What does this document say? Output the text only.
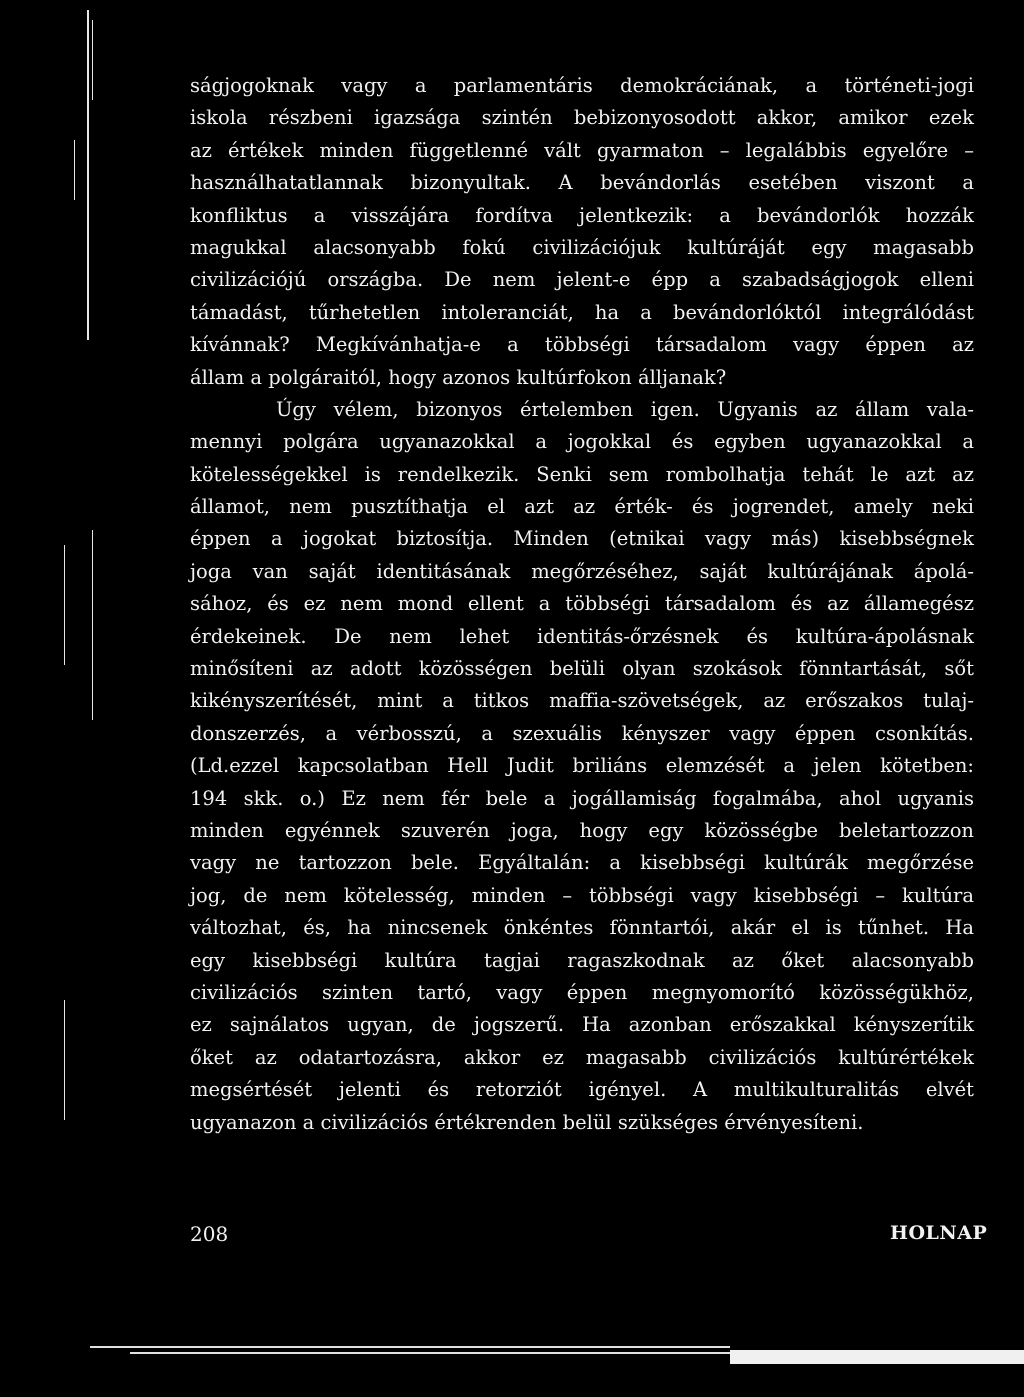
ságjogoknak vagy a parlamentáris demokráciának, a történeti-jogi
iskola részbeni igazsága szintén bebizonyosodott akkor, amikor ezek
az értékek minden függetlenné vált gyarmaton – legalábbis egyelőre –
használhatatlannak bizonyultak. A bevándorlás esetében viszont a
konfliktus a visszájára fordítva jelentkezik: a bevándorlók hozzák
magukkal alacsonyabb fokú civilizációjuk kultúráját egy magasabb
civilizációjú országba. De nem jelent-e épp a szabadságjogok elleni
támadást, tűrhetetlen intoleranciát, ha a bevándorlóktól integrálódást
kívánnak? Megkívánhatja-e a többségi társadalom vagy éppen az
állam a polgáraitól, hogy azonos kultúrfokon álljanak?
Úgy vélem, bizonyos értelemben igen. Ugyanis az állam vala-
mennyi polgára ugyanazokkal a jogokkal és egyben ugyanazokkal a
kötelességekkel is rendelkezik. Senki sem rombolhatja tehát le azt az
államot, nem pusztíthatja el azt az érték- és jogrendet, amely neki
éppen a jogokat biztosítja. Minden (etnikai vagy más) kisebbségnek
joga van saját identitásának megőrzéséhez, saját kultúrájának ápolá-
sához, és ez nem mond ellent a többségi társadalom és az államegész
érdekeinek. De nem lehet identitás-őrzésnek és kultúra-ápolásnak
minősíteni az adott közösségen belüli olyan szokások fönntartását, sőt
kikényszerítését, mint a titkos maffia-szövetségek, az erőszakos tulaj-
donszerzés, a vérbosszú, a szexuális kényszer vagy éppen csonkítás.
(Ld.ezzel kapcsolatban Hell Judit briliáns elemzését a jelen kötetben:
194 skk. o.) Ez nem fér bele a jogállamiság fogalmába, ahol ugyanis
minden egyénnek szuverén joga, hogy egy közösségbe beletartozzon
vagy ne tartozzon bele. Egyáltalán: a kisebbségi kultúrák megőrzése
jog, de nem kötelesség, minden – többségi vagy kisebbségi – kultúra
változhat, és, ha nincsenek önkéntes fönntartói, akár el is tűnhet. Ha
egy kisebbségi kultúra tagjai ragaszkodnak az őket alacsonyabb
civilizációs szinten tartó, vagy éppen megnyomorító közösségükhöz,
ez sajnálatos ugyan, de jogszerű. Ha azonban erőszakkal kényszerítik
őket az odatartozásra, akkor ez magasabb civilizációs kultúrértékek
megsértését jelenti és retorziót igényel. A multikulturalitás elvét
ugyanazon a civilizációs értékrenden belül szükséges érvényesíteni.
208	HOLNAP
